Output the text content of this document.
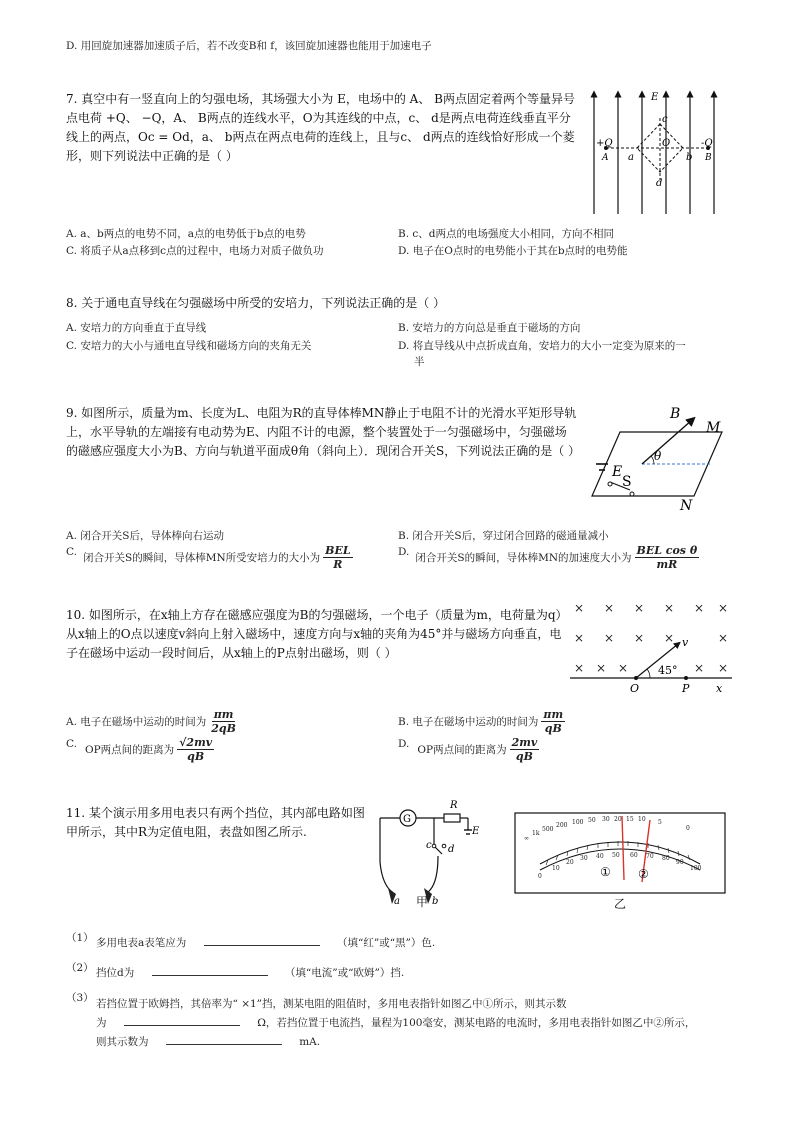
D. 用回旋加速器加速质子后，若不改变B和 f，该回旋加速器也能用于加速电子
7. 真空中有一竖直向上的匀强电场，其场强大小为 E，电场中的 A、 B两点固定着两个等量异号点电荷 +Q、 −Q，A、 B两点的连线水平，O为其连线的中点，c、 d是两点电荷连线垂直平分线上的两点，Oc = Od，a、 b两点在两点电荷的连线上，且与c、 d两点的连线恰好形成一个菱形，则下列说法中正确的是（ ）
E
+Q	-Q
A	B
a	b
c
d
O
A. a、b两点的电势不同，a点的电势低于b点的电势	B. c、d两点的电场强度大小相同，方向不相同
C. 将质子从a点移到c点的过程中，电场力对质子做负功	D. 电子在O点时的电势能小于其在b点时的电势能
8. 关于通电直导线在匀强磁场中所受的安培力，下列说法正确的是（ ）
A. 安培力的方向垂直于直导线	B. 安培力的方向总是垂直于磁场的方向
C. 安培力的大小与通电直导线和磁场方向的夹角无关	D. 将直导线从中点折成直角，安培力的大小一定变为原来的一
半
9. 如图所示，质量为m、长度为L、电阻为R的直导体棒MN静止于电阻不计的光滑水平矩形导轨上，水平导轨的左端接有电动势为E、内阻不计的电源，整个装置处于一匀强磁场中，匀强磁场的磁感应强度大小为B、方向与轨道平面成θ角（斜向上）．现闭合开关S，下列说法正确的是（ ）
B
M
N
E
S
θ
A. 闭合开关S后，导体棒向右运动	B. 闭合开关S后，穿过闭合回路的磁通量减小
C. 闭合开关S的瞬间，导体棒MN所受安培力的大小为 $\frac{\text{BEL}}{R}$	D. 闭合开关S的瞬间，导体棒MN的加速度大小为 $\frac{\text{BEL cos θ}}{mR}$
10. 如图所示，在x轴上方存在磁感应强度为B的匀强磁场，一个电子（质量为m，电荷量为q）从x轴上的O点以速度v斜向上射入磁场中，速度方向与x轴的夹角为45°并与磁场方向垂直，电子在磁场中运动一段时间后，从x轴上的P点射出磁场，则（ ）
× × × × × ×
× × × ×	×
× × ×	× ×
v
45°
O	P x
A. 电子在磁场中运动的时间为 $\frac{\pi m}{2qB}$	B. 电子在磁场中运动的时间为 $\frac{\pi m}{qB}$
C. OP两点间的距离为 $\frac{√2mv}{qB}$	D. OP两点间的距离为 $\frac{2mv}{qB}$
11. 某个演示用多用电表只有两个挡位，其内部电路如图甲所示，其中R为定值电阻，表盘如图乙所示.
G
R
E
c d
a	b
甲
∞
1k
500
200 100 50 30 20 15 10 5
0
0
10
20
30 40 50 60 70 80
90
100
① ②
乙
（1） 多用电表a表笔应为	（填“红”或“黑”）色.
（2） 挡位d为	（填“电流”或“欧姆”）挡.
（3） 若挡位置于欧姆挡，其倍率为“ ×1”挡，测某电阻的阻值时，多用电表指针如图乙中①所示，则其示数
为	Ω，若挡位置于电流挡，量程为100毫安，测某电路的电流时，多用电表指针如图乙中②所示，
则其示数为	mA.
